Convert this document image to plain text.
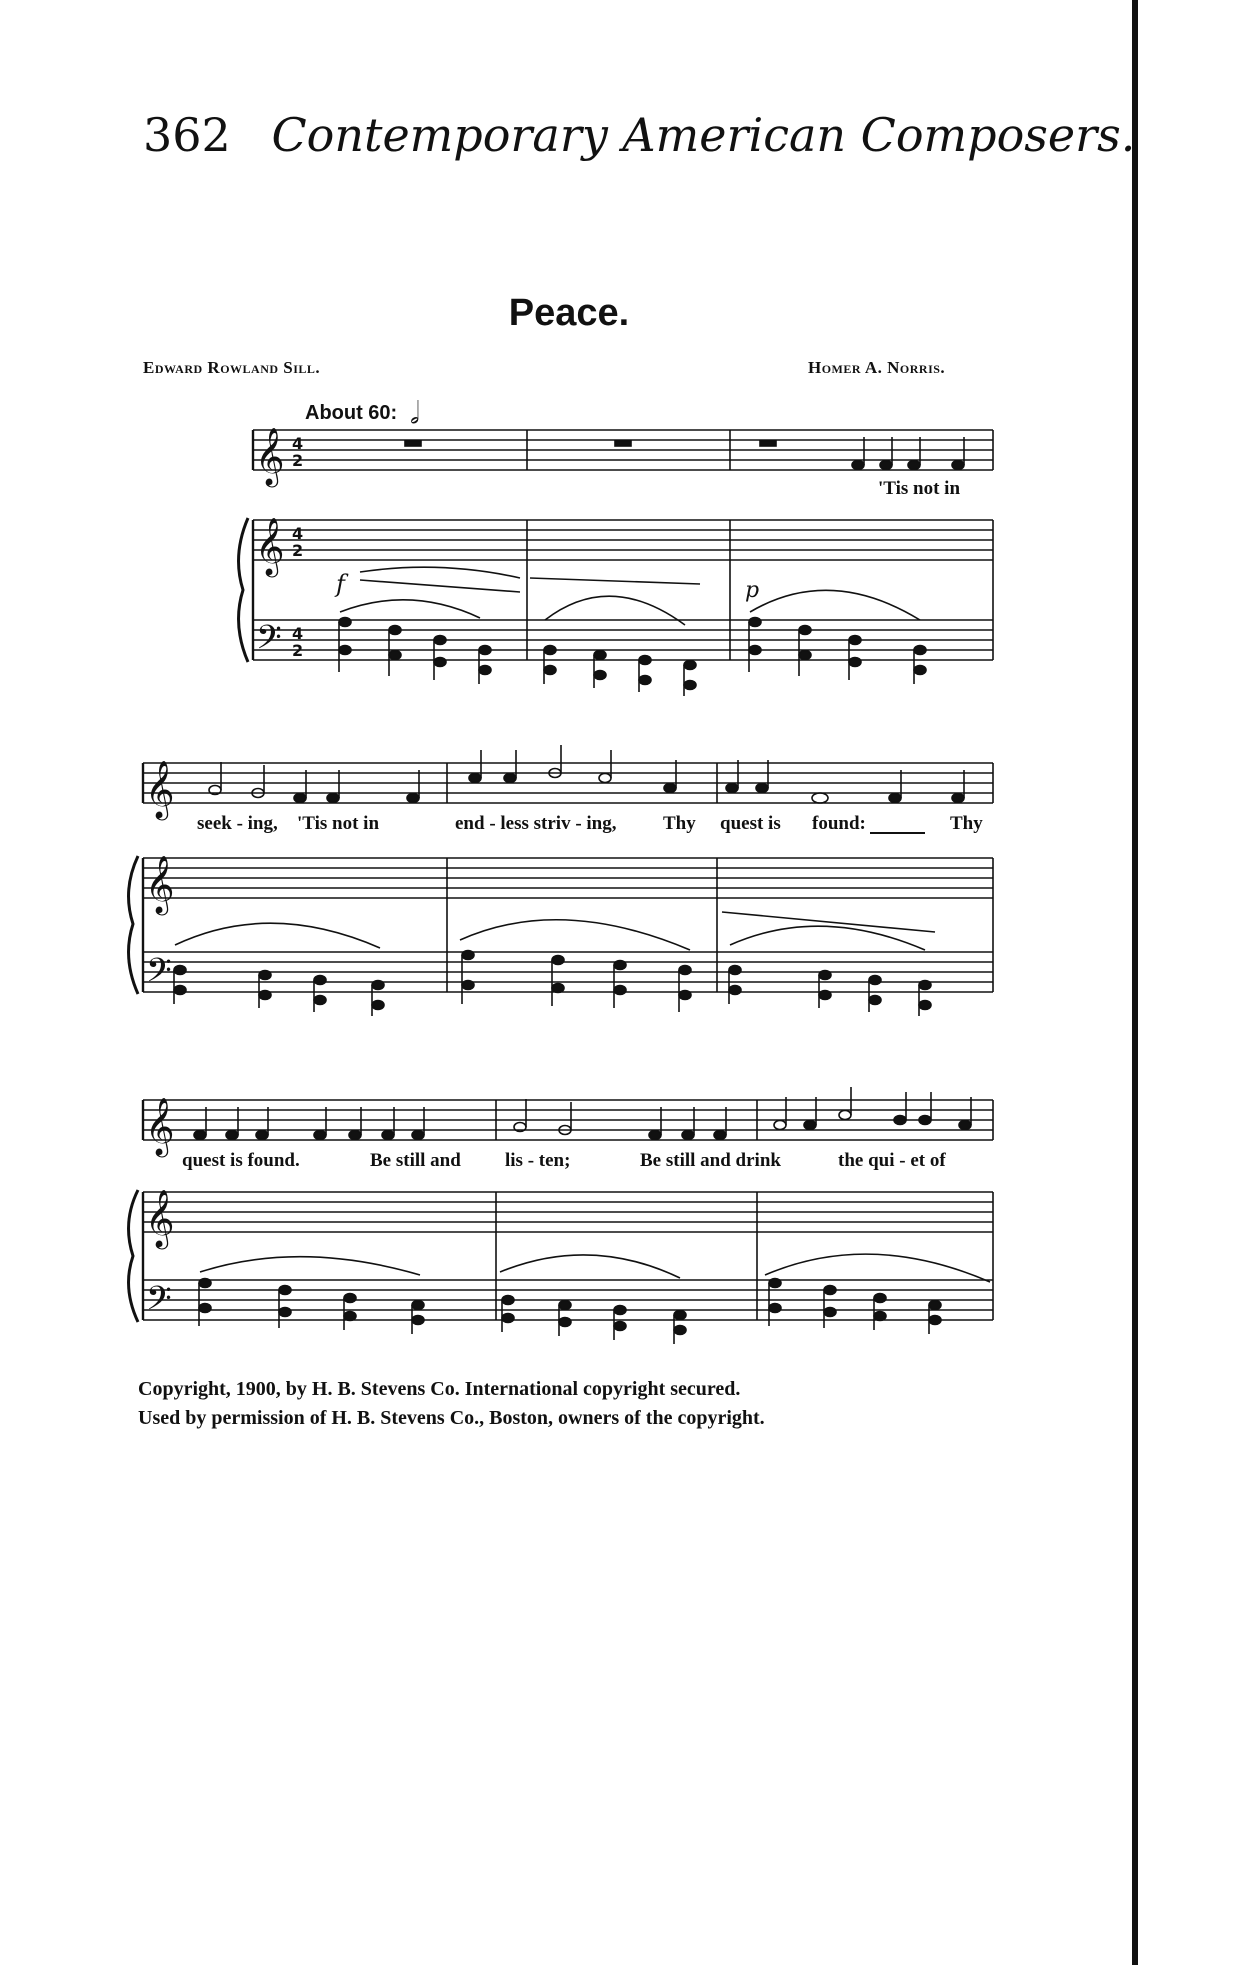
362 Contemporary American Composers.
Peace.
Edward Rowland Sill.	Homer A. Norris.
About 60: 𝅗𝅥
𝄞
𝄞
𝄢
4
2
4
2
4
2
𝄞
𝄞
𝄢
𝄞
𝄞
𝄢
f	p
'Tis not in
seek - ing, 'Tis not in	end - less striv - ing, Thy quest is found:	Thy
quest is found.	Be still and lis - ten;	Be still and drink	the qui - et of
Copyright, 1900, by H. B. Stevens Co. International copyright secured.
Used by permission of H. B. Stevens Co., Boston, owners of the copyright.
